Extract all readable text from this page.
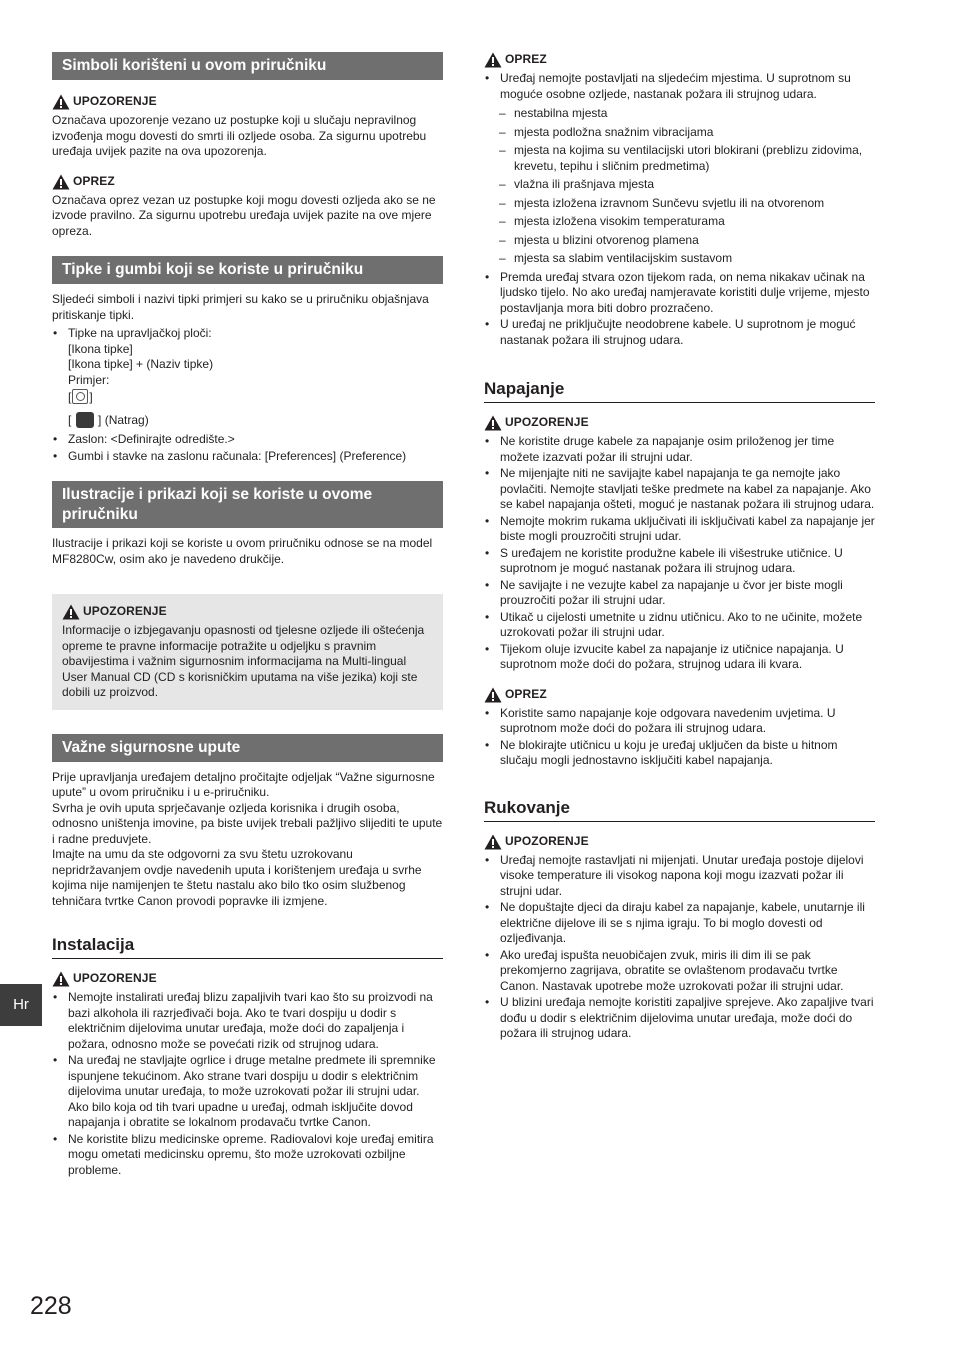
Simboli korišteni u ovom priručniku
UPOZORENJE

Označava upozorenje vezano uz postupke koji u slučaju nepravilnog izvođenja mogu dovesti do smrti ili ozljede osoba. Za sigurnu upotrebu uređaja uvijek pazite na ova upozorenja.

OPREZ

Označava oprez vezan uz postupke koji mogu dovesti ozljeda ako se ne izvode pravilno. Za sigurnu upotrebu uređaja uvijek pazite na ove mjere opreza.

Tipke i gumbi koji se koriste u priručniku

Sljedeći simboli i nazivi tipki primjeri su kako se u priručniku objašnjava pritiskanje tipki.

• Tipke na upravljačkoj ploči:
[Ikona tipke]
[Ikona tipke] + (Naziv tipke)
Primjer:
[ ]
[ ] (Natrag)
• Zaslon: <Definirajte odredište.>
• Gumbi i stavke na zaslonu računala: [Preferences] (Preference)
Ilustracije i prikazi koji se koriste u ovome priručniku

Ilustracije i prikazi koji se koriste u ovom priručniku odnose se na model MF8280Cw, osim ako je navedeno drukčije.

UPOZORENJE

Informacije o izbjegavanju opasnosti od tjelesne ozljede ili oštećenja opreme te pravne informacije potražite u odjeljku s pravnim obavijestima i važnim sigurnosnim informacijama na Multi-lingual User Manual CD (CD s korisničkim uputama na više jezika) koji ste dobili uz proizvod.

Važne sigurnosne upute

Prije upravljanja uređajem detaljno pročitajte odjeljak “Važne sigurnosne upute” u ovom priručniku i u e-priručniku.

Svrha je ovih uputa sprječavanje ozljeda korisnika i drugih osoba, odnosno uništenja imovine, pa biste uvijek trebali pažljivo slijediti te upute i radne preduvjete.

Imajte na umu da ste odgovorni za svu štetu uzrokovanu nepridržavanjem ovdje navedenih uputa i korištenjem uređaja u svrhe kojima nije namijenjen te štetu nastalu ako bilo tko osim službenog tehničara tvrtke Canon provodi popravke ili izmjene.

Instalacija
UPOZORENJE
• Nemojte instalirati uređaj blizu zapaljivih tvari kao što su proizvodi na bazi alkohola ili razrjeđivači boja. Ako te tvari dospiju u dodir s električnim dijelovima unutar uređaja, može doći do zapaljenja i požara, odnosno može se povećati rizik od strujnog udara.
• Na uređaj ne stavljajte ogrlice i druge metalne predmete ili spremnike ispunjene tekućinom. Ako strane tvari dospiju u dodir s električnim dijelovima unutar uređaja, to može uzrokovati požar ili strujni udar.
Ako bilo koja od tih tvari upadne u uređaj, odmah isključite dovod napajanja i obratite se lokalnom prodavaču tvrtke Canon.
• Ne koristite blizu medicinske opreme. Radiovalovi koje uređaj emitira mogu ometati medicinsku opremu, što može uzrokovati ozbiljne probleme.
OPREZ
• Uređaj nemojte postavljati na sljedećim mjestima. U suprotnom su moguće osobne ozljede, nastanak požara ili strujnog udara.
– nestabilna mjesta
– mjesta podložna snažnim vibracijama
– mjesta na kojima su ventilacijski utori blokirani (preblizu zidovima, krevetu, tepihu i sličnim predmetima)
– vlažna ili prašnjava mjesta
– mjesta izložena izravnom Sunčevu svjetlu ili na otvorenom
– mjesta izložena visokim temperaturama
– mjesta u blizini otvorenog plamena
– mjesta sa slabim ventilacijskim sustavom
• Premda uređaj stvara ozon tijekom rada, on nema nikakav učinak na ljudsko tijelo. No ako uređaj namjeravate koristiti dulje vrijeme, mjesto postavljanja mora biti dobro prozračeno.
• U uređaj ne priključujte neodobrene kabele. U suprotnom je moguć nastanak požara ili strujnog udara.
Napajanje
UPOZORENJE
• Ne koristite druge kabele za napajanje osim priloženog jer time možete izazvati požar ili strujni udar.
• Ne mijenjajte niti ne savijajte kabel napajanja te ga nemojte jako povlačiti. Nemojte stavljati teške predmete na kabel za napajanje. Ako se kabel napajanja ošteti, moguć je nastanak požara ili strujnog udara.
• Nemojte mokrim rukama uključivati ili isključivati kabel za napajanje jer biste mogli prouzročiti strujni udar.
• S uređajem ne koristite produžne kabele ili višestruke utičnice. U suprotnom je moguć nastanak požara ili strujnog udara.
• Ne savijajte i ne vezujte kabel za napajanje u čvor jer biste mogli prouzročiti požar ili strujni udar.
• Utikač u cijelosti umetnite u zidnu utičnicu. Ako to ne učinite, možete uzrokovati požar ili strujni udar.
• Tijekom oluje izvucite kabel za napajanje iz utičnice napajanja. U suprotnom može doći do požara, strujnog udara ili kvara.
OPREZ
• Koristite samo napajanje koje odgovara navedenim uvjetima. U suprotnom može doći do požara ili strujnog udara.
• Ne blokirajte utičnicu u koju je uređaj uključen da biste u hitnom slučaju mogli jednostavno isključiti kabel napajanja.
Rukovanje
UPOZORENJE
• Uređaj nemojte rastavljati ni mijenjati. Unutar uređaja postoje dijelovi visoke temperature ili visokog napona koji mogu izazvati požar ili strujni udar.
• Ne dopuštajte djeci da diraju kabel za napajanje, kabele, unutarnje ili električne dijelove ili se s njima igraju. To bi moglo dovesti od ozljeđivanja.
• Ako uređaj ispušta neuobičajen zvuk, miris ili dim ili se pak prekomjerno zagrijava, obratite se ovlaštenom prodavaču tvrtke Canon. Nastavak upotrebe može uzrokovati požar ili strujni udar.
• U blizini uređaja nemojte koristiti zapaljive spreјeve. Ako zapaljive tvari dođu u dodir s električnim dijelovima unutar uređaja, može doći do požara ili strujnog udara.
Hr
228
